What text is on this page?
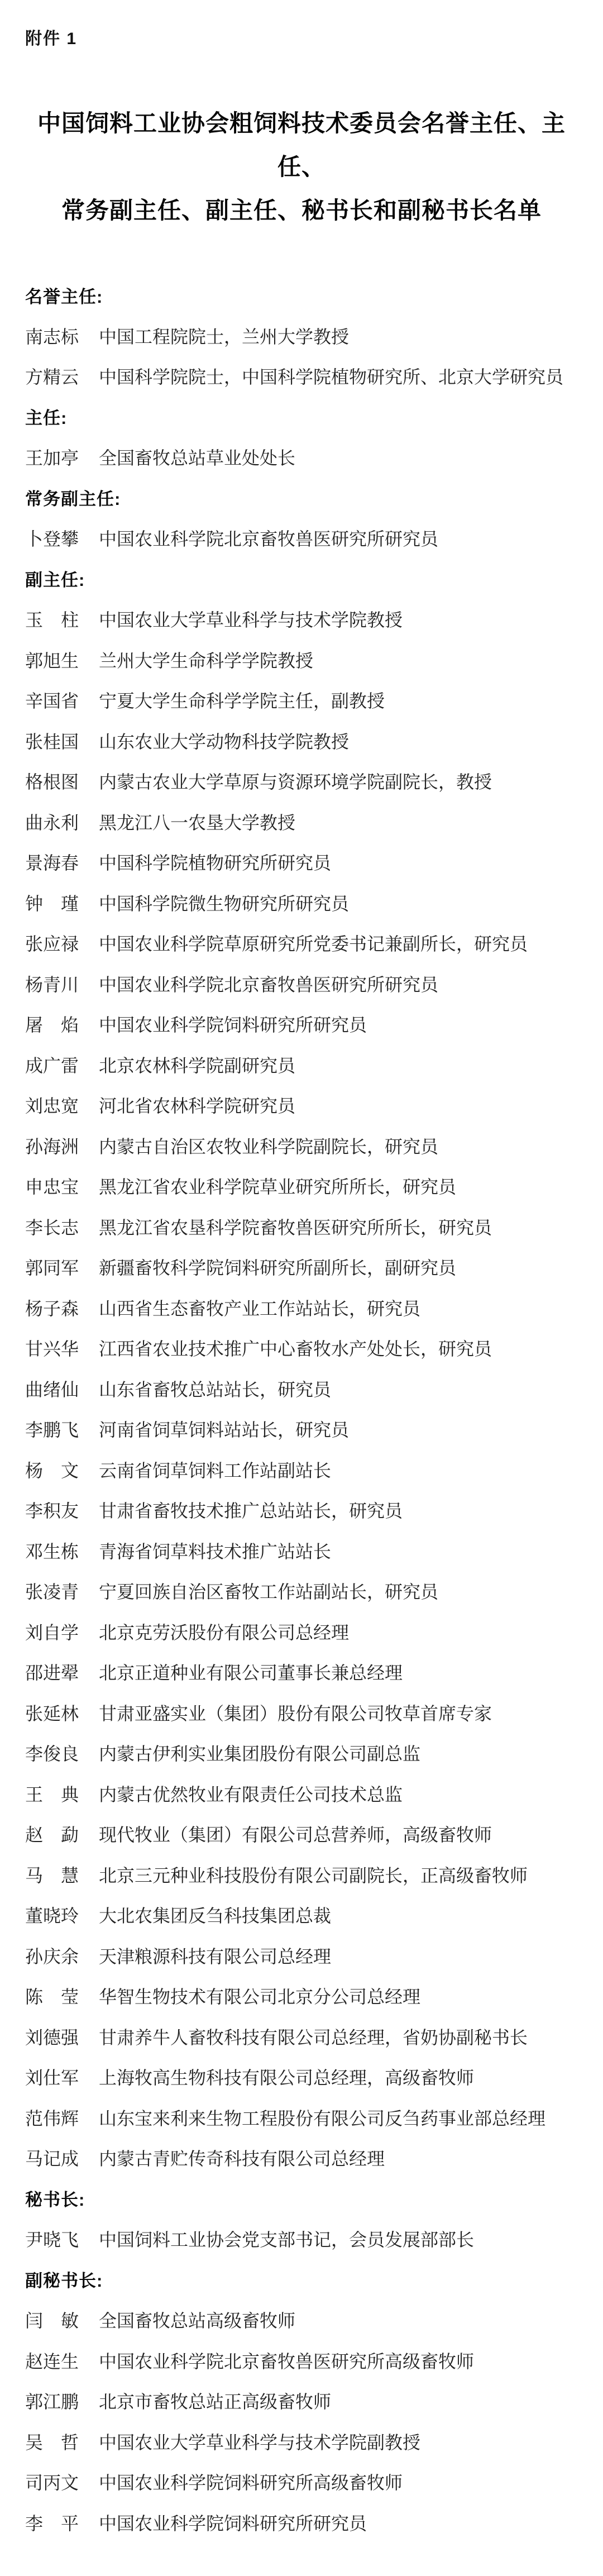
附件 1
中国饲料工业协会粗饲料技术委员会名誉主任、主任、
常务副主任、副主任、秘书长和副秘书长名单
名誉主任:
南志标 中国工程院院士，兰州大学教授
方精云 中国科学院院士，中国科学院植物研究所、北京大学研究员
主任:
王加亭 全国畜牧总站草业处处长
常务副主任:
卜登攀 中国农业科学院北京畜牧兽医研究所研究员
副主任:
玉　柱 中国农业大学草业科学与技术学院教授
郭旭生 兰州大学生命科学学院教授
辛国省 宁夏大学生命科学学院主任，副教授
张桂国 山东农业大学动物科技学院教授
格根图 内蒙古农业大学草原与资源环境学院副院长，教授
曲永利 黑龙江八一农垦大学教授
景海春 中国科学院植物研究所研究员
钟　瑾 中国科学院微生物研究所研究员
张应禄 中国农业科学院草原研究所党委书记兼副所长，研究员
杨青川 中国农业科学院北京畜牧兽医研究所研究员
屠　焰 中国农业科学院饲料研究所研究员
成广雷 北京农林科学院副研究员
刘忠宽 河北省农林科学院研究员
孙海洲 内蒙古自治区农牧业科学院副院长，研究员
申忠宝 黑龙江省农业科学院草业研究所所长，研究员
李长志 黑龙江省农垦科学院畜牧兽医研究所所长，研究员
郭同军 新疆畜牧科学院饲料研究所副所长，副研究员
杨子森 山西省生态畜牧产业工作站站长，研究员
甘兴华 江西省农业技术推广中心畜牧水产处处长，研究员
曲绪仙 山东省畜牧总站站长，研究员
李鹏飞 河南省饲草饲料站站长，研究员
杨　文 云南省饲草饲料工作站副站长
李积友 甘肃省畜牧技术推广总站站长，研究员
邓生栋 青海省饲草料技术推广站站长
张凌青 宁夏回族自治区畜牧工作站副站长，研究员
刘自学 北京克劳沃股份有限公司总经理
邵进翚 北京正道种业有限公司董事长兼总经理
张延林 甘肃亚盛实业（集团）股份有限公司牧草首席专家
李俊良 内蒙古伊利实业集团股份有限公司副总监
王　典 内蒙古优然牧业有限责任公司技术总监
赵　勐 现代牧业（集团）有限公司总营养师，高级畜牧师
马　慧 北京三元种业科技股份有限公司副院长，正高级畜牧师
董晓玲 大北农集团反刍科技集团总裁
孙庆余 天津粮源科技有限公司总经理
陈　莹 华智生物技术有限公司北京分公司总经理
刘德强 甘肃养牛人畜牧科技有限公司总经理，省奶协副秘书长
刘仕军 上海牧高生物科技有限公司总经理，高级畜牧师
范伟辉 山东宝来利来生物工程股份有限公司反刍药事业部总经理
马记成 内蒙古青贮传奇科技有限公司总经理
秘书长:
尹晓飞 中国饲料工业协会党支部书记，会员发展部部长
副秘书长:
闫　敏 全国畜牧总站高级畜牧师
赵连生 中国农业科学院北京畜牧兽医研究所高级畜牧师
郭江鹏 北京市畜牧总站正高级畜牧师
吴　哲 中国农业大学草业科学与技术学院副教授
司丙文 中国农业科学院饲料研究所高级畜牧师
李　平 中国农业科学院饲料研究所研究员
